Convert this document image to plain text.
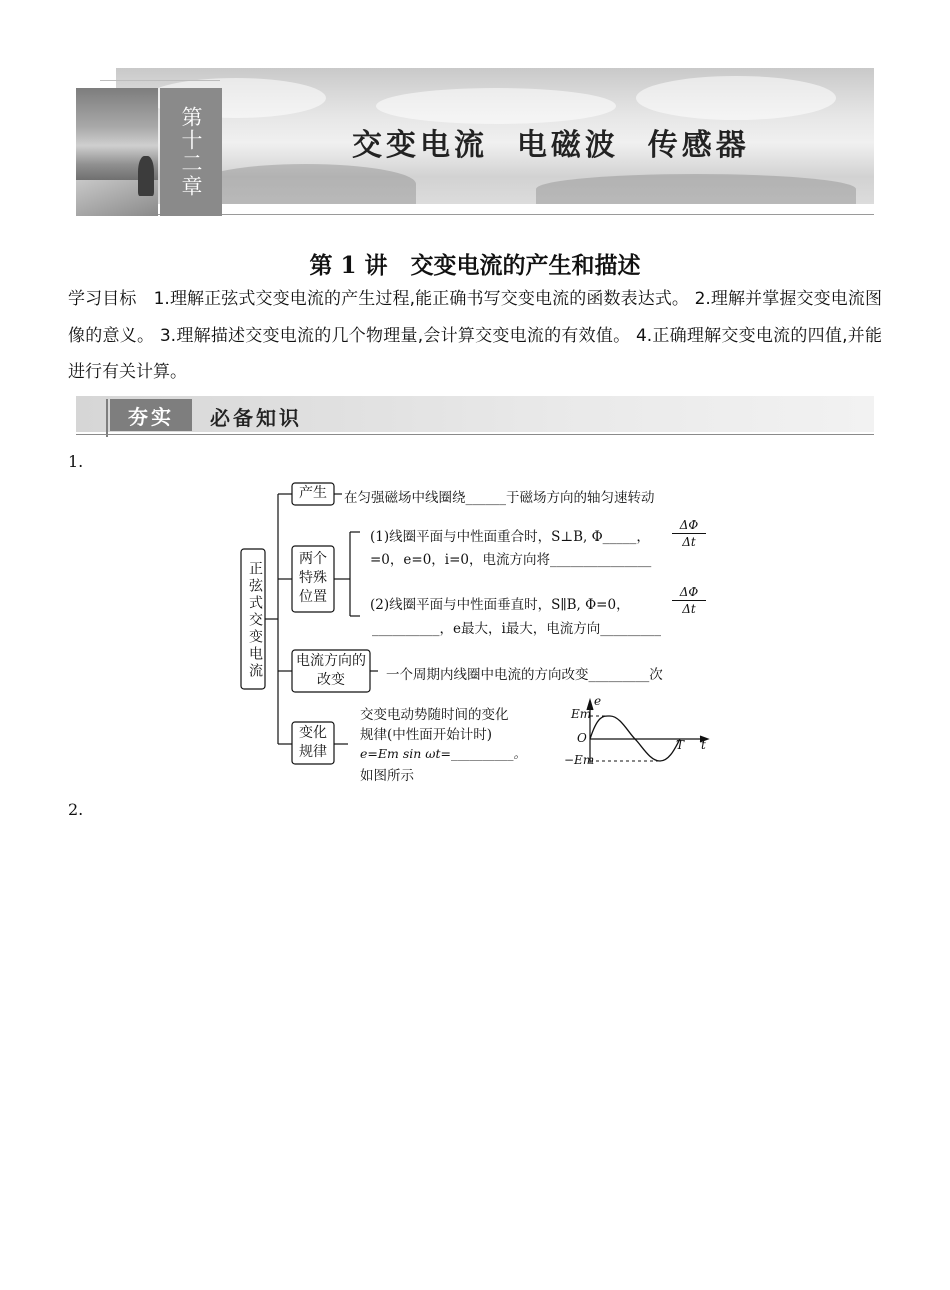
第十二章	交变电流  电磁波  传感器
第 1 讲　交变电流的产生和描述
学习目标　1.理解正弦式交变电流的产生过程,能正确书写交变电流的函数表达式。 2.理解并掌握交变电流图像的意义。 3.理解描述交变电流的几个物理量,会计算交变电流的有效值。 4.正确理解交变电流的四值,并能进行有关计算。
夯实	必备知识
1.
2.
正弦式交变电流
产生
两个特殊位置
电流方向的改变
变化规律
在匀强磁场中线圈绕______于磁场方向的轴匀速转动
(1)线圈平面与中性面重合时，S⊥B, Φ_____，
ΔΦ
Δt
=0，e=0，i=0，电流方向将_______________
(2)线圈平面与中性面垂直时，S∥B, Φ=0，
ΔΦ
Δt
__________，e最大，i最大，电流方向_________
一个周期内线圈中电流的方向改变_________次
交变电动势随时间的变化
规律(中性面开始计时)
e=Em sin ωt=__________。
如图所示
e
Em
O
−Em
T t
